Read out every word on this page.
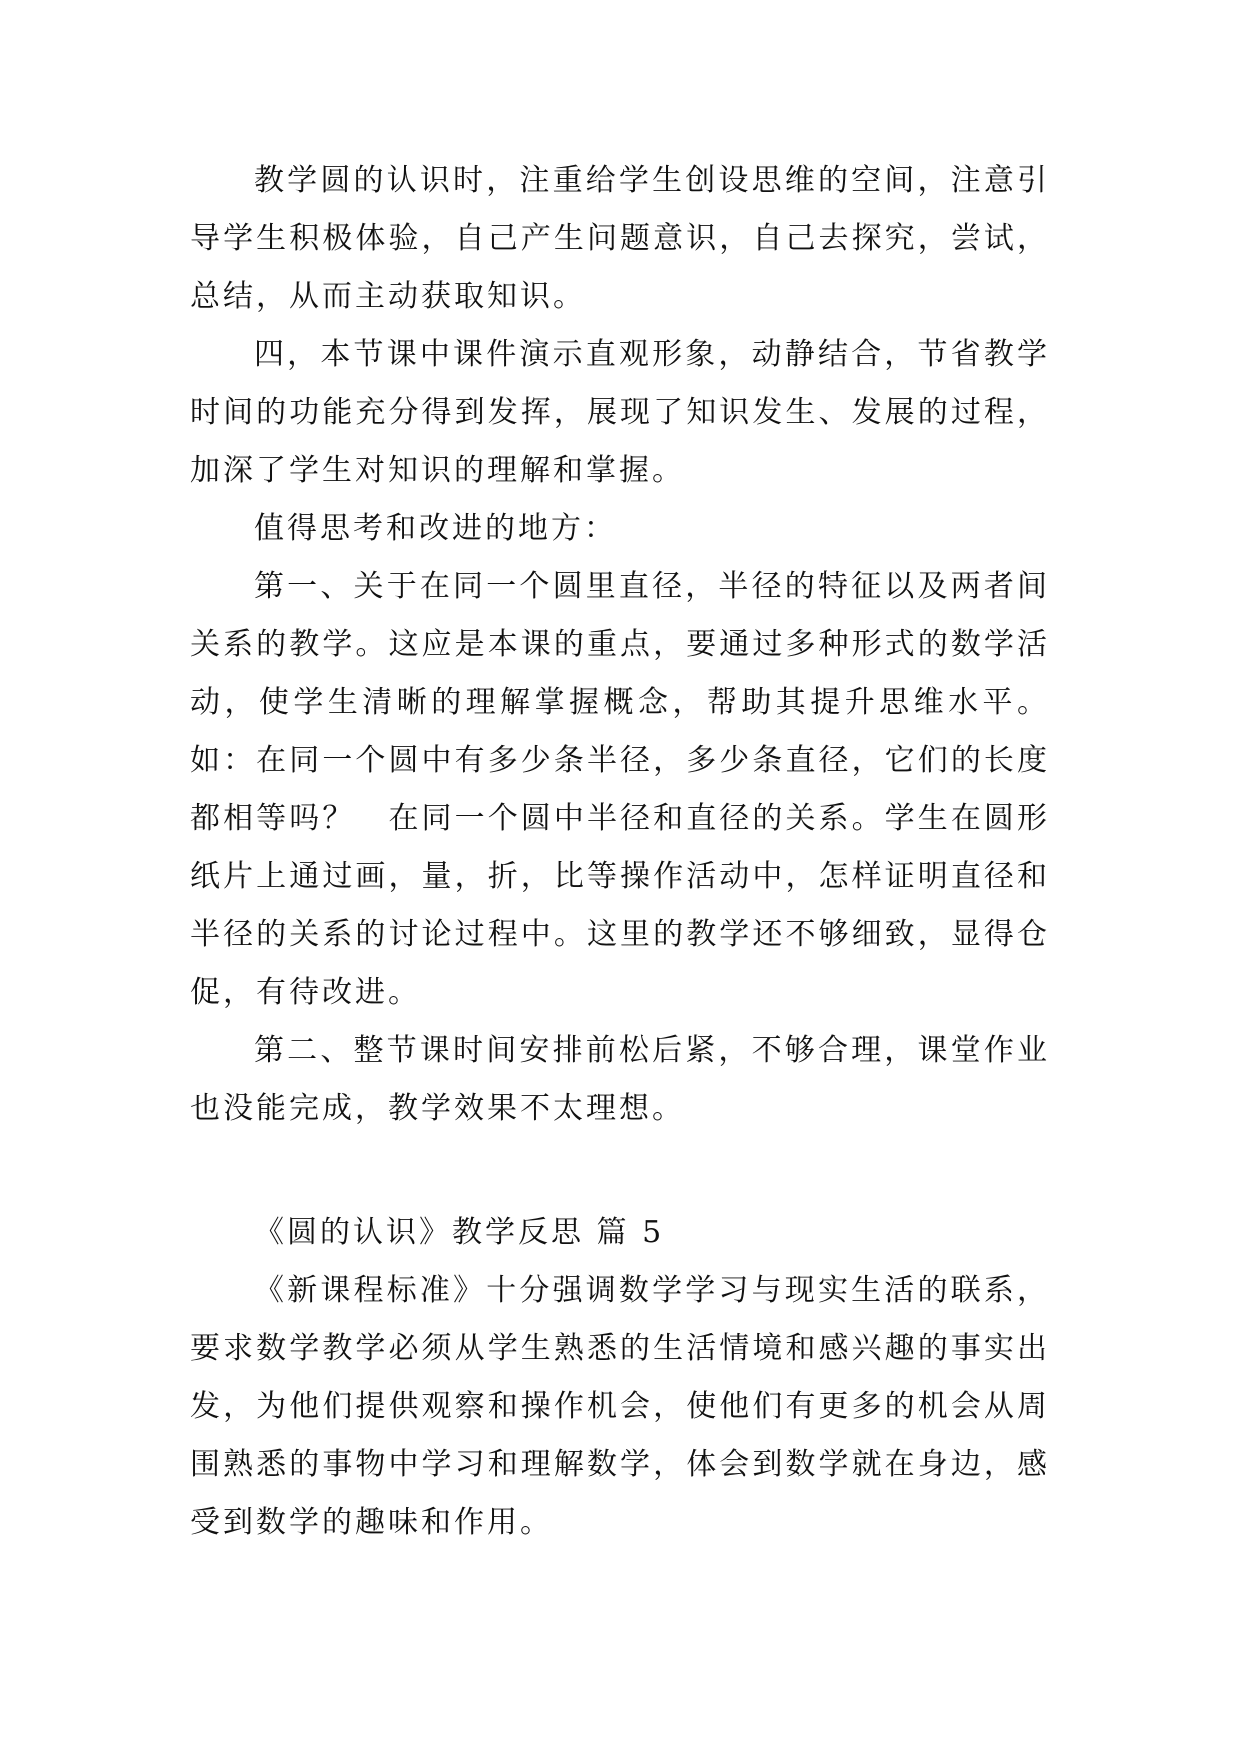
教学圆的认识时，注重给学生创设思维的空间，注意引导学生积极体验，自己产生问题意识，自己去探究，尝试，总结，从而主动获取知识。

四，本节课中课件演示直观形象，动静结合，节省教学时间的功能充分得到发挥，展现了知识发生、发展的过程，加深了学生对知识的理解和掌握。

值得思考和改进的地方：

第一、关于在同一个圆里直径，半径的特征以及两者间关系的教学。这应是本课的重点，要通过多种形式的数学活动，使学生清晰的理解掌握概念，帮助其提升思维水平。如：在同一个圆中有多少条半径，多少条直径，它们的长度都相等吗？　在同一个圆中半径和直径的关系。学生在圆形纸片上通过画，量，折，比等操作活动中，怎样证明直径和半径的关系的讨论过程中。这里的教学还不够细致，显得仓促，有待改进。

第二、整节课时间安排前松后紧，不够合理，课堂作业也没能完成，教学效果不太理想。

《圆的认识》教学反思 篇 5

《新课程标准》十分强调数学学习与现实生活的联系，要求数学教学必须从学生熟悉的生活情境和感兴趣的事实出发，为他们提供观察和操作机会，使他们有更多的机会从周围熟悉的事物中学习和理解数学，体会到数学就在身边，感受到数学的趣味和作用。
